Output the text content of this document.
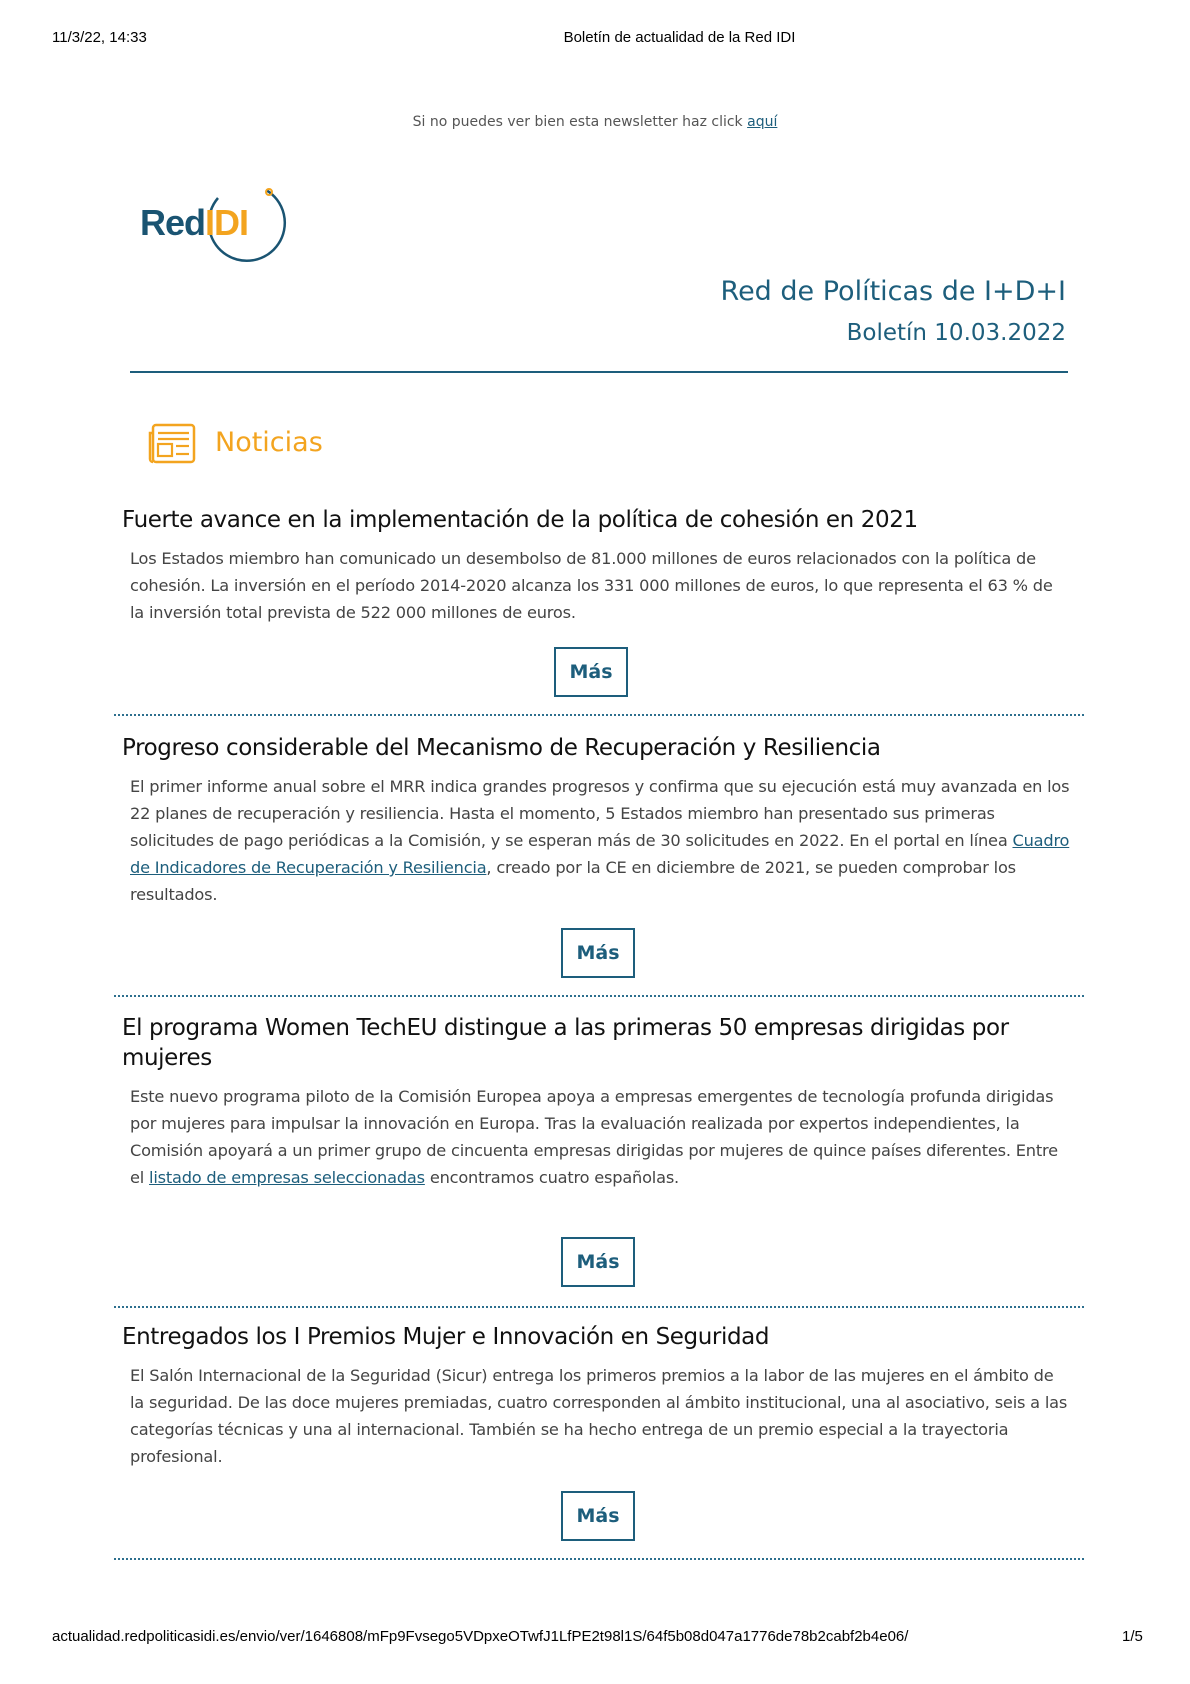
11/3/22, 14:33	Boletín de actualidad de la Red IDI
Si no puedes ver bien esta newsletter haz click aquí
RedIDI
Red de Políticas de I+D+I
Boletín 10.03.2022
Noticias
Fuerte avance en la implementación de la política de cohesión en 2021

Los Estados miembro han comunicado un desembolso de 81.000 millones de euros relacionados con la política de cohesión. La inversión en el período 2014-2020 alcanza los 331 000 millones de euros, lo que representa el 63 % de la inversión total prevista de 522 000 millones de euros.

Más
Progreso considerable del Mecanismo de Recuperación y Resiliencia

El primer informe anual sobre el MRR indica grandes progresos y confirma que su ejecución está muy avanzada en los 22 planes de recuperación y resiliencia. Hasta el momento, 5 Estados miembro han presentado sus primeras solicitudes de pago periódicas a la Comisión, y se esperan más de 30 solicitudes en 2022. En el portal en línea Cuadro de Indicadores de Recuperación y Resiliencia, creado por la CE en diciembre de 2021, se pueden comprobar los resultados.

Más
El programa Women TechEU distingue a las primeras 50 empresas dirigidas por mujeres

Este nuevo programa piloto de la Comisión Europea apoya a empresas emergentes de tecnología profunda dirigidas por mujeres para impulsar la innovación en Europa. Tras la evaluación realizada por expertos independientes, la Comisión apoyará a un primer grupo de cincuenta empresas dirigidas por mujeres de quince países diferentes. Entre el listado de empresas seleccionadas encontramos cuatro españolas.

Más
Entregados los I Premios Mujer e Innovación en Seguridad

El Salón Internacional de la Seguridad (Sicur) entrega los primeros premios a la labor de las mujeres en el ámbito de la seguridad. De las doce mujeres premiadas, cuatro corresponden al ámbito institucional, una al asociativo, seis a las categorías técnicas y una al internacional. También se ha hecho entrega de un premio especial a la trayectoria profesional.

Más
actualidad.redpoliticasidi.es/envio/ver/1646808/mFp9Fvsego5VDpxeOTwfJ1LfPE2t98l1S/64f5b08d047a1776de78b2cabf2b4e06/	1/5
